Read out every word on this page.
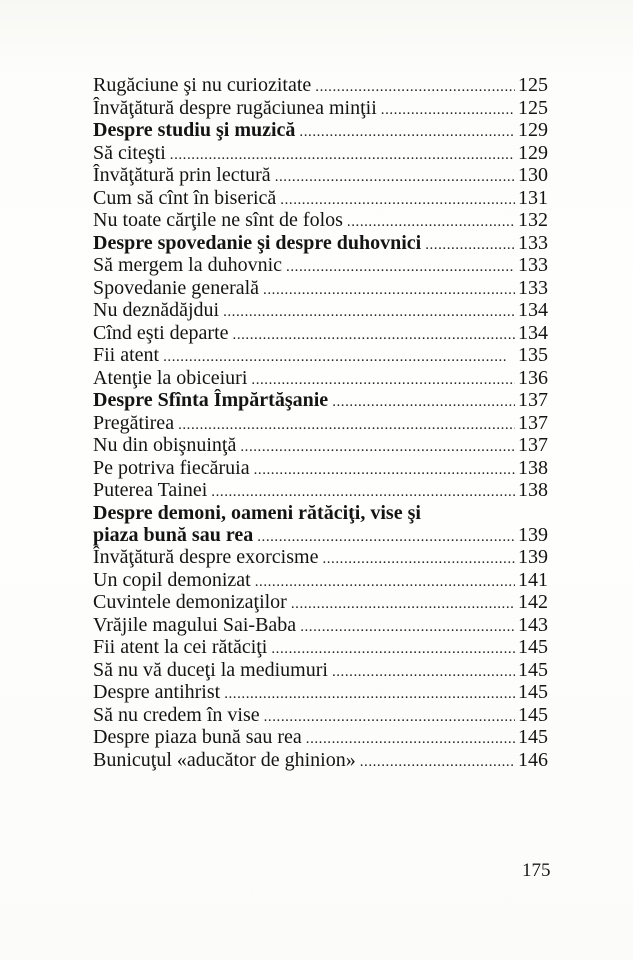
Rugăciune şi nu curiozitate . . .	125
Învăţătură despre rugăciunea minţii . . .	125
Despre studiu şi muzică . . .	129
Să citeşti . . .	129
Învăţătură prin lectură . . .	130
Cum să cînt în biserică . . .	131
Nu toate cărţile ne sînt de folos . . .	132
Despre spovedanie şi despre duhovnici . . .	133
Să mergem la duhovnic . . .	133
Spovedanie generală . . .	133
Nu deznădăjdui . . .	134
Cînd eşti departe . . .	134
Fii atent . . .	135
Atenţie la obiceiuri . . .	136
Despre Sfînta Împărtăşanie . . .	137
Pregătirea . . .	137
Nu din obişnuinţă . . .	137
Pe potriva fiecăruia . . .	138
Puterea Tainei . . .	138
Despre demoni, oameni rătăciţi, vise şi
piaza bună sau rea . . .	139
Învăţătură despre exorcisme . . .	139
Un copil demonizat . . .	141
Cuvintele demonizaţilor . . .	142
Vrăjile magului Sai-Baba . . .	143
Fii atent la cei rătăciţi . . .	145
Să nu vă duceţi la mediumuri . . .	145
Despre antihrist . . .	145
Să nu credem în vise . . .	145
Despre piaza bună sau rea . . .	145
Bunicuţul «aducător de ghinion» . . .	146
175
